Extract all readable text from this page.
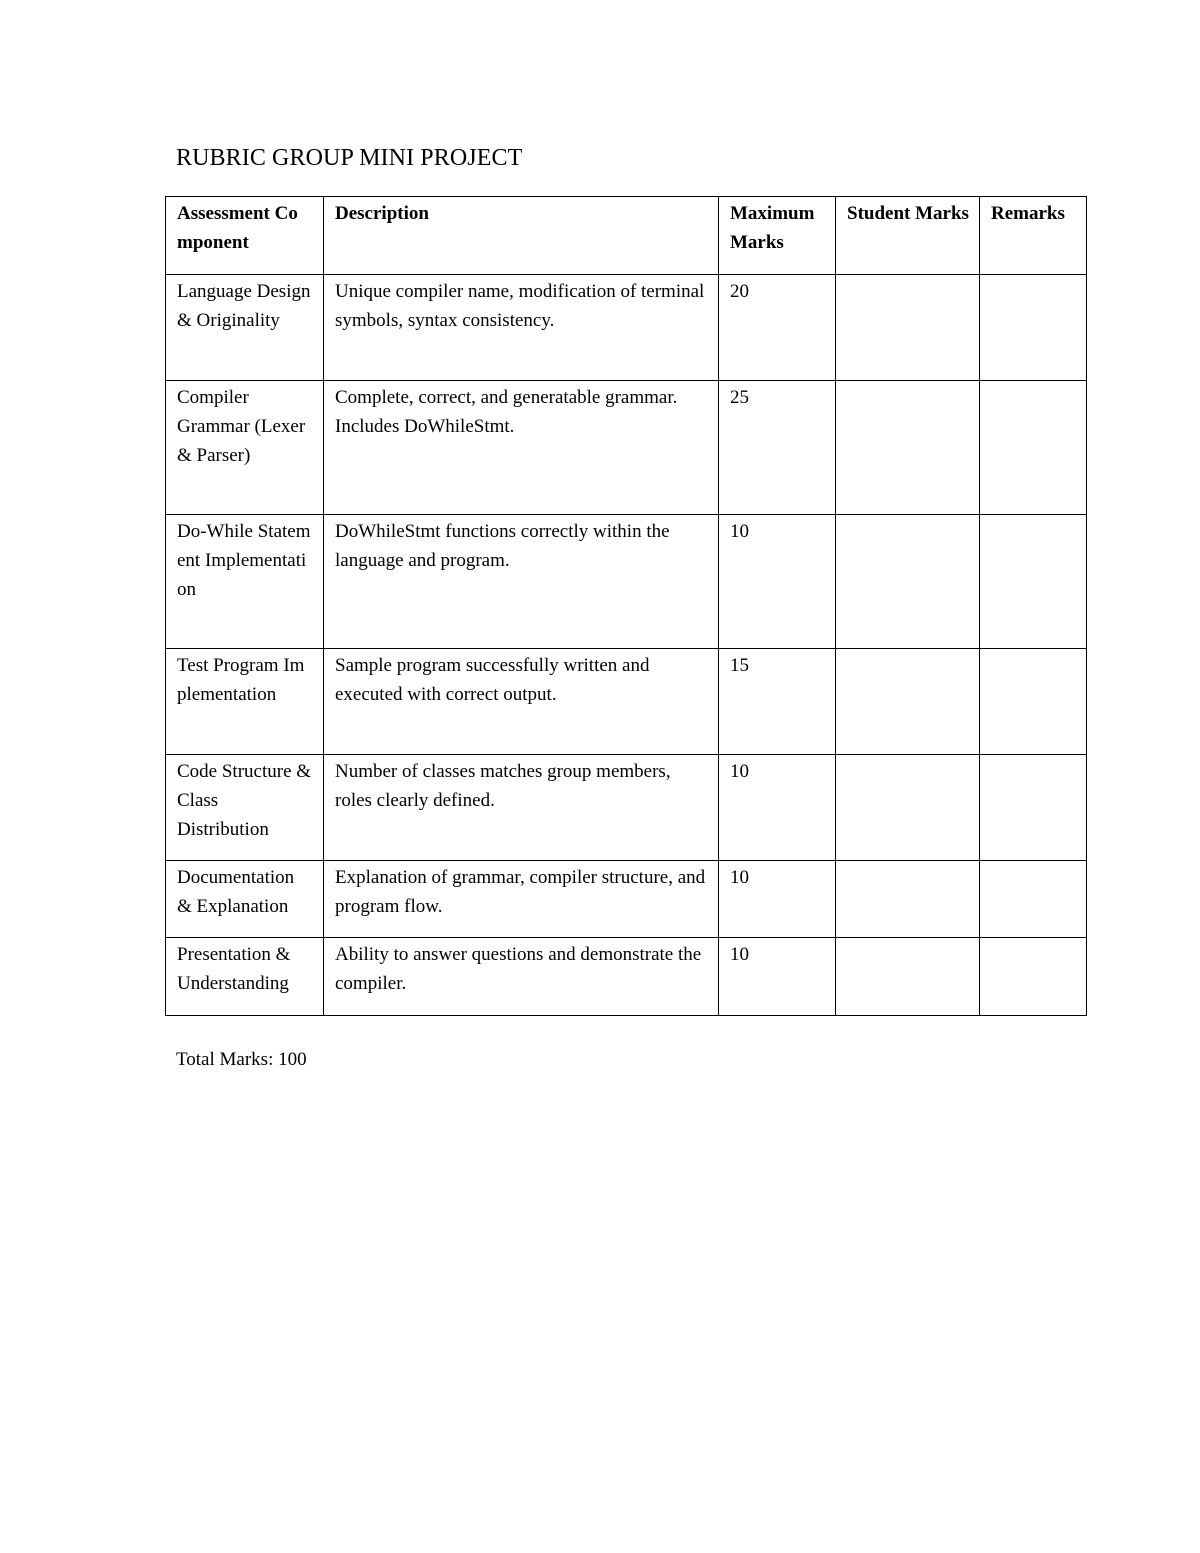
RUBRIC GROUP MINI PROJECT
Assessment Component	Description	Maximum Marks	Student Marks	Remarks

Language Design & Originality	Unique compiler name, modification of terminal symbols, syntax consistency.	20		

Compiler Grammar (Lexer & Parser)	Complete, correct, and generatable grammar. Includes DoWhileStmt.	25		

Do-While Statement Implementation	DoWhileStmt functions correctly within the language and program.	10		

Test Program Implementation	Sample program successfully written and executed with correct output.	15		

Code Structure & Class Distribution	Number of classes matches group members, roles clearly defined.	10		

Documentation & Explanation	Explanation of grammar, compiler structure, and program flow.	10		

Presentation & Understanding	Ability to answer questions and demonstrate the compiler.	10		

Total Marks: 100
